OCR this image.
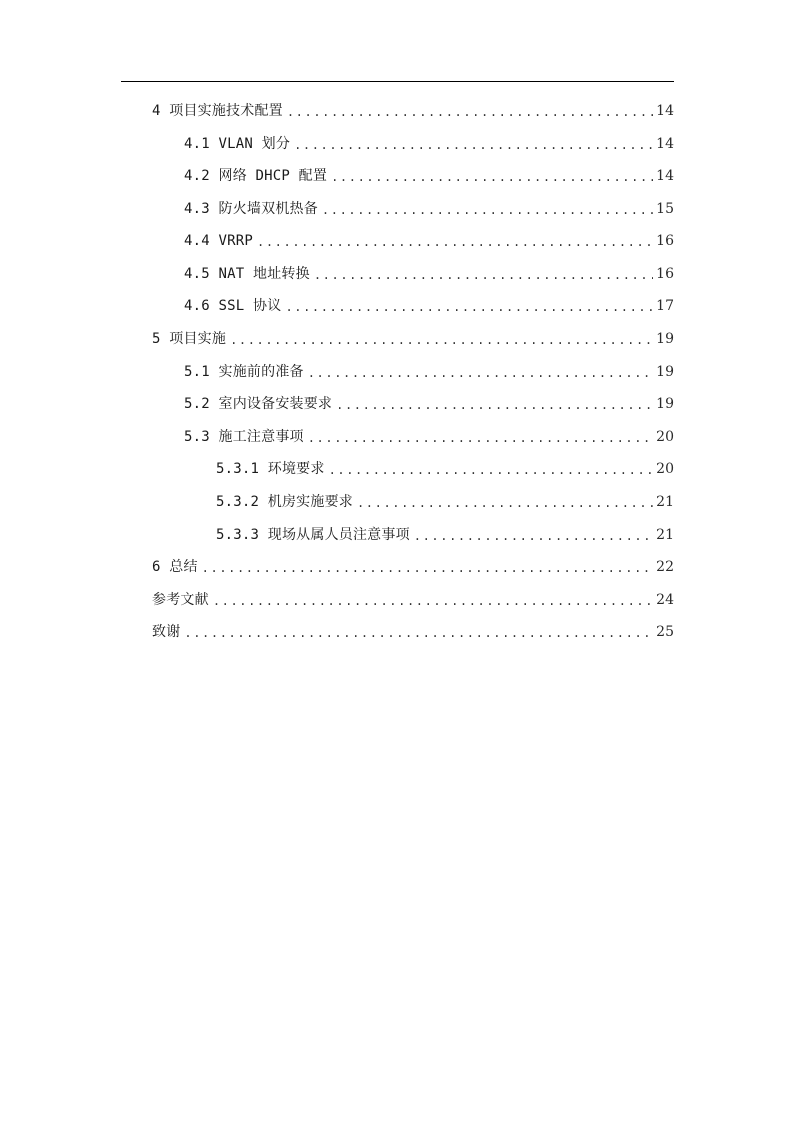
4 项目实施技术配置 .....	14
4.1 VLAN 划分 .....	14
4.2 网络 DHCP 配置 .....	14
4.3 防火墙双机热备 .....	15
4.4 VRRP .....	16
4.5 NAT 地址转换 .....	16
4.6 SSL 协议 .....	17
5 项目实施 .....	19
5.1 实施前的准备 .....	19
5.2 室内设备安装要求 .....	19
5.3 施工注意事项 .....	20
5.3.1 环境要求 .....	20
5.3.2 机房实施要求 .....	21
5.3.3 现场从属人员注意事项 .....	21
6 总结 .....	22
参考文献 .....	24
致谢 .....	25
